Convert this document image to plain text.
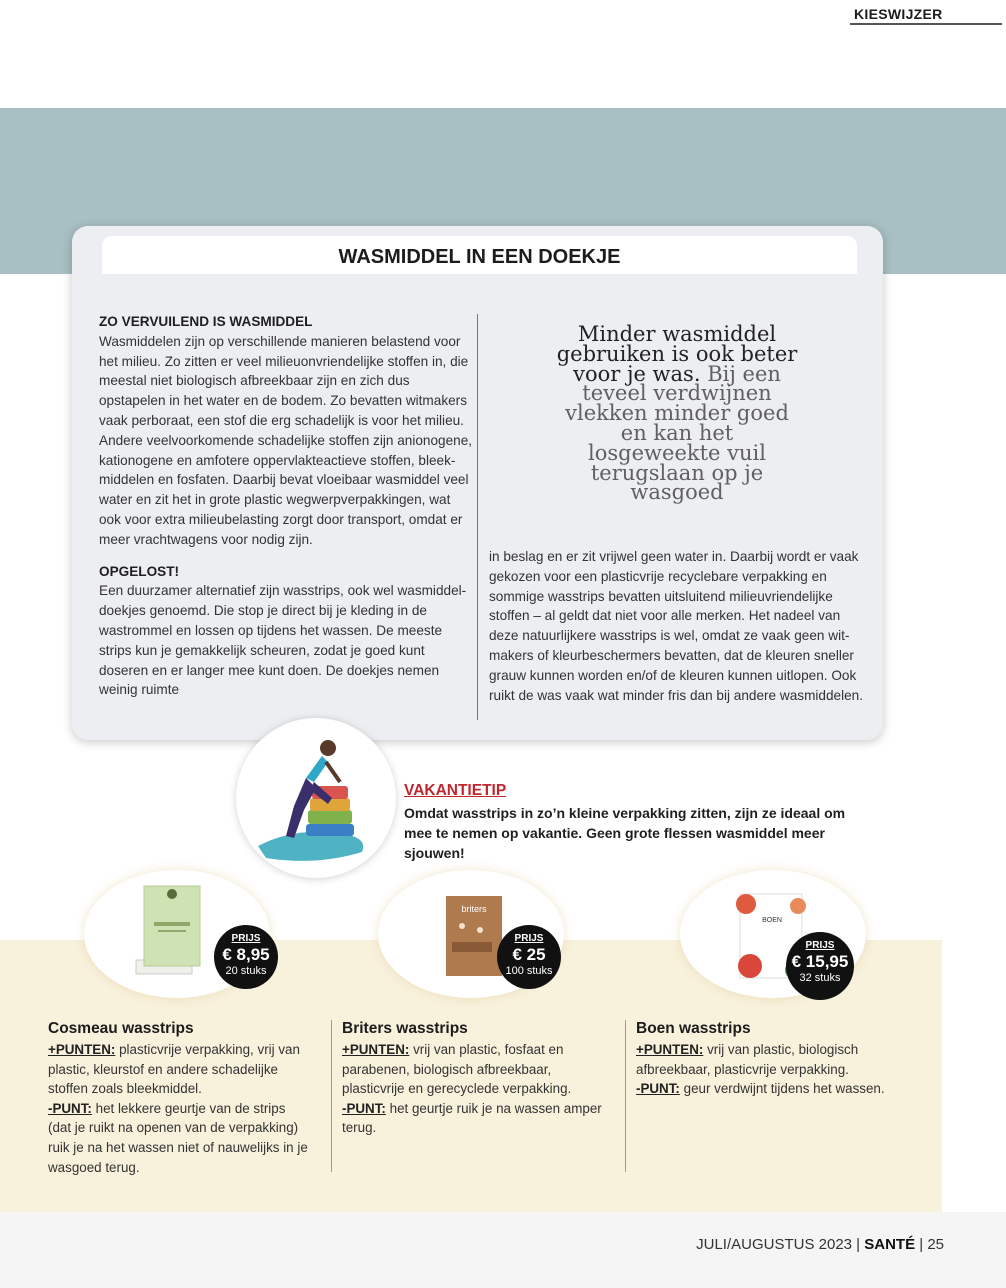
KIESWIJZER
WASMIDDEL IN EEN DOEKJE

ZO VERVUILEND IS WASMIDDEL

Wasmiddelen zijn op verschillende manieren belastend voor het milieu. Zo zitten er veel milieuonvriendelijke stoffen in, die meestal niet biologisch afbreekbaar zijn en zich dus opstapelen in het water en de bodem. Zo bevatten witmakers vaak perboraat, een stof die erg schadelijk is voor het milieu.

Andere veelvoorkomende schadelijke stoffen zijn anionogene, kationogene en amfotere oppervlakteactieve stoffen, bleek-middelen en fosfaten. Daarbij bevat vloeibaar wasmiddel veel water en zit het in grote plastic wegwerpverpakkingen, wat ook voor extra milieubelasting zorgt door transport, omdat er meer vrachtwagens voor nodig zijn.

OPGELOST!

Een duurzamer alternatief zijn wasstrips, ook wel wasmiddel-doekjes genoemd. Die stop je direct bij je kleding in de wastrommel en lossen op tijdens het wassen. De meeste strips kun je gemakkelijk scheuren, zodat je goed kunt doseren en er langer mee kunt doen. De doekjes nemen weinig ruimte

Minder wasmiddel gebruiken is ook beter voor je was. Bij een teveel verdwijnen vlekken minder goed en kan het losgeweekte vuil terugslaan op je wasgoed

in beslag en er zit vrijwel geen water in. Daarbij wordt er vaak gekozen voor een plasticvrije recyclebare verpakking en sommige wasstrips bevatten uitsluitend milieuvriendelijke stoffen – al geldt dat niet voor alle merken. Het nadeel van deze natuurlijkere wasstrips is wel, omdat ze vaak geen wit-makers of kleurbeschermers bevatten, dat de kleuren sneller grauw kunnen worden en/of de kleuren kunnen uitlopen. Ook ruikt de was vaak wat minder fris dan bij andere wasmiddelen.

VAKANTIETIP
Omdat wasstrips in zo’n kleine verpakking zitten, zijn ze ideaal om mee te nemen op vakantie. Geen grote flessen wasmiddel meer sjouwen!
PRIJS
€ 8,95
20 stuks
briters
PRIJS
€ 25
100 stuks
BOEN
PRIJS
€ 15,95
32 stuks
Cosmeau wasstrips

+PUNTEN: plasticvrije verpakking, vrij van plastic, kleurstof en andere schadelijke stoffen zoals bleekmiddel.

-PUNT: het lekkere geurtje van de strips (dat je ruikt na openen van de verpakking) ruik je na het wassen niet of nauwelijks in je wasgoed terug.

Briters wasstrips

+PUNTEN: vrij van plastic, fosfaat en parabenen, biologisch afbreekbaar, plasticvrije en gerecyclede verpakking.

-PUNT: het geurtje ruik je na wassen amper terug.

Boen wasstrips

+PUNTEN: vrij van plastic, biologisch afbreekbaar, plasticvrije verpakking.

-PUNT: geur verdwijnt tijdens het wassen.

JULI/AUGUSTUS 2023 | SANTÉ | 25
